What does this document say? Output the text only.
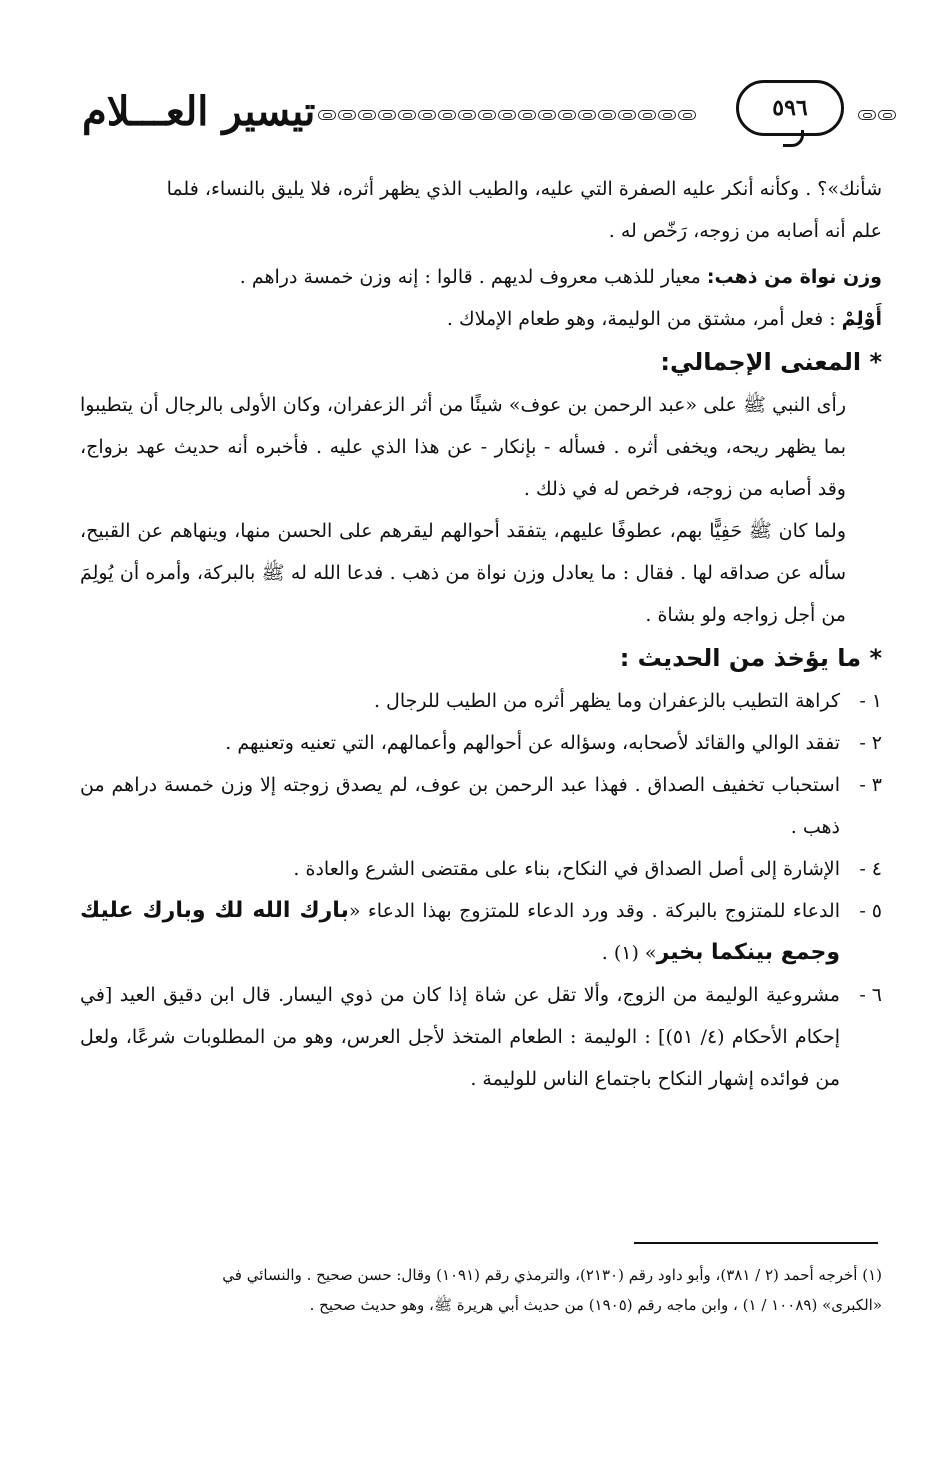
تيسير العـــلام	٥٩٦

شأنك»؟ . وكأنه أنكر عليه الصفرة التي عليه، والطيب الذي يظهر أثره، فلا يليق بالنساء، فلما

علم أنه أصابه من زوجه، رَخّص له .

وزن نواة من ذهب: معيار للذهب معروف لديهم . قالوا : إنه وزن خمسة دراهم .

أَوْلِمْ : فعل أمر، مشتق من الوليمة، وهو طعام الإملاك .

* المعنى الإجمالي:

رأى النبي ﷺ على «عبد الرحمن بن عوف» شيئًا من أثر الزعفران، وكان الأولى بالرجال أن يتطيبوا بما يظهر ريحه، ويخفى أثره . فسأله - بإنكار - عن هذا الذي عليه . فأخبره أنه حديث عهد بزواج، وقد أصابه من زوجه، فرخص له في ذلك .

ولما كان ﷺ حَفِيًّا بهم، عطوفًا عليهم، يتفقد أحوالهم ليقرهم على الحسن منها، وينهاهم عن القبيح، سأله عن صداقه لها . فقال : ما يعادل وزن نواة من ذهب . فدعا الله له ﷺ بالبركة، وأمره أن يُولِمَ من أجل زواجه ولو بشاة .

* ما يؤخذ من الحديث :

١ -
كراهة التطيب بالزعفران وما يظهر أثره من الطيب للرجال .
٢ -
تفقد الوالي والقائد لأصحابه، وسؤاله عن أحوالهم وأعمالهم، التي تعنيه وتعنيهم .
٣ -
استحباب تخفيف الصداق . فهذا عبد الرحمن بن عوف، لم يصدق زوجته إلا وزن خمسة دراهم من ذهب .
٤ -
الإشارة إلى أصل الصداق في النكاح، بناء على مقتضى الشرع والعادة .
٥ -
الدعاء للمتزوج بالبركة . وقد ورد الدعاء للمتزوج بهذا الدعاء «بارك الله لك وبارك عليك وجمع بينكما بخير» (١) .
٦ -
مشروعية الوليمة من الزوج، وألا تقل عن شاة إذا كان من ذوي اليسار. قال ابن دقيق العيد [في إحكام الأحكام (٤/ ٥١)] : الوليمة : الطعام المتخذ لأجل العرس، وهو من المطلوبات شرعًا، ولعل من فوائده إشهار النكاح باجتماع الناس للوليمة .

(١) أخرجه أحمد (٢ / ٣٨١)، وأبو داود رقم (٢١٣٠)، والترمذي رقم (١٠٩١) وقال: حسن صحيح . والنسائي في

«الكبرى» (١٠٠٨٩ / ١) ، وابن ماجه رقم (١٩٠٥) من حديث أبي هريرة ﷺ، وهو حديث صحيح .
